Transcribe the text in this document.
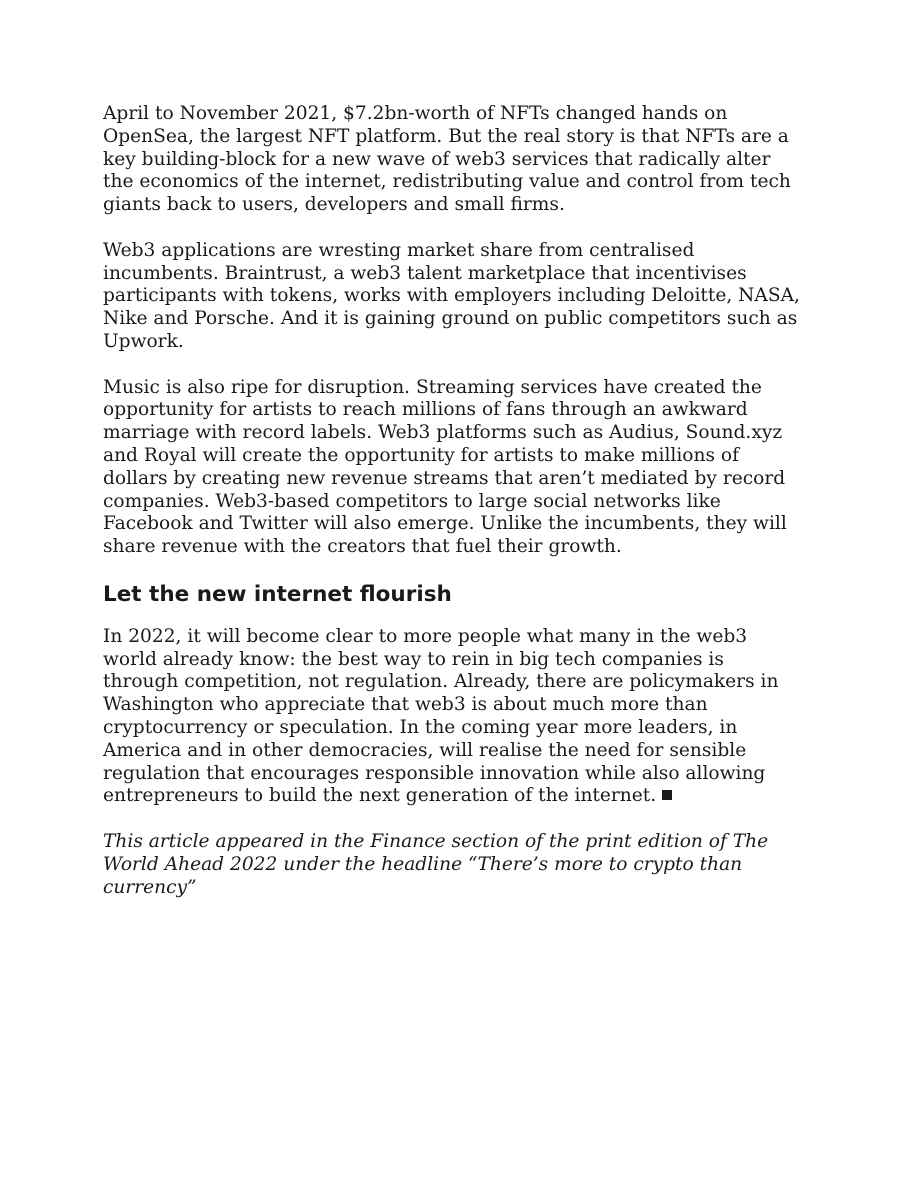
April to November 2021, $7.2bn-worth of NFTs changed hands on OpenSea, the largest NFT platform. But the real story is that NFTs are a key building-block for a new wave of web3 services that radically alter the economics of the internet, redistributing value and control from tech giants back to users, developers and small firms.

Web3 applications are wresting market share from centralised incumbents. Braintrust, a web3 talent marketplace that incentivises participants with tokens, works with employers including Deloitte, NASA, Nike and Porsche. And it is gaining ground on public competitors such as Upwork.

Music is also ripe for disruption. Streaming services have created the opportunity for artists to reach millions of fans through an awkward marriage with record labels. Web3 platforms such as Audius, Sound.xyz and Royal will create the opportunity for artists to make millions of dollars by creating new revenue streams that aren’t mediated by record companies. Web3-based competitors to large social networks like Facebook and Twitter will also emerge. Unlike the incumbents, they will share revenue with the creators that fuel their growth.

Let the new internet flourish

In 2022, it will become clear to more people what many in the web3 world already know: the best way to rein in big tech companies is through competition, not regulation. Already, there are policymakers in Washington who appreciate that web3 is about much more than cryptocurrency or speculation. In the coming year more leaders, in America and in other democracies, will realise the need for sensible regulation that encourages responsible innovation while also allowing entrepreneurs to build the next generation of the internet.

This article appeared in the Finance section of the print edition of The World Ahead 2022 under the headline “There’s more to crypto than currency”
